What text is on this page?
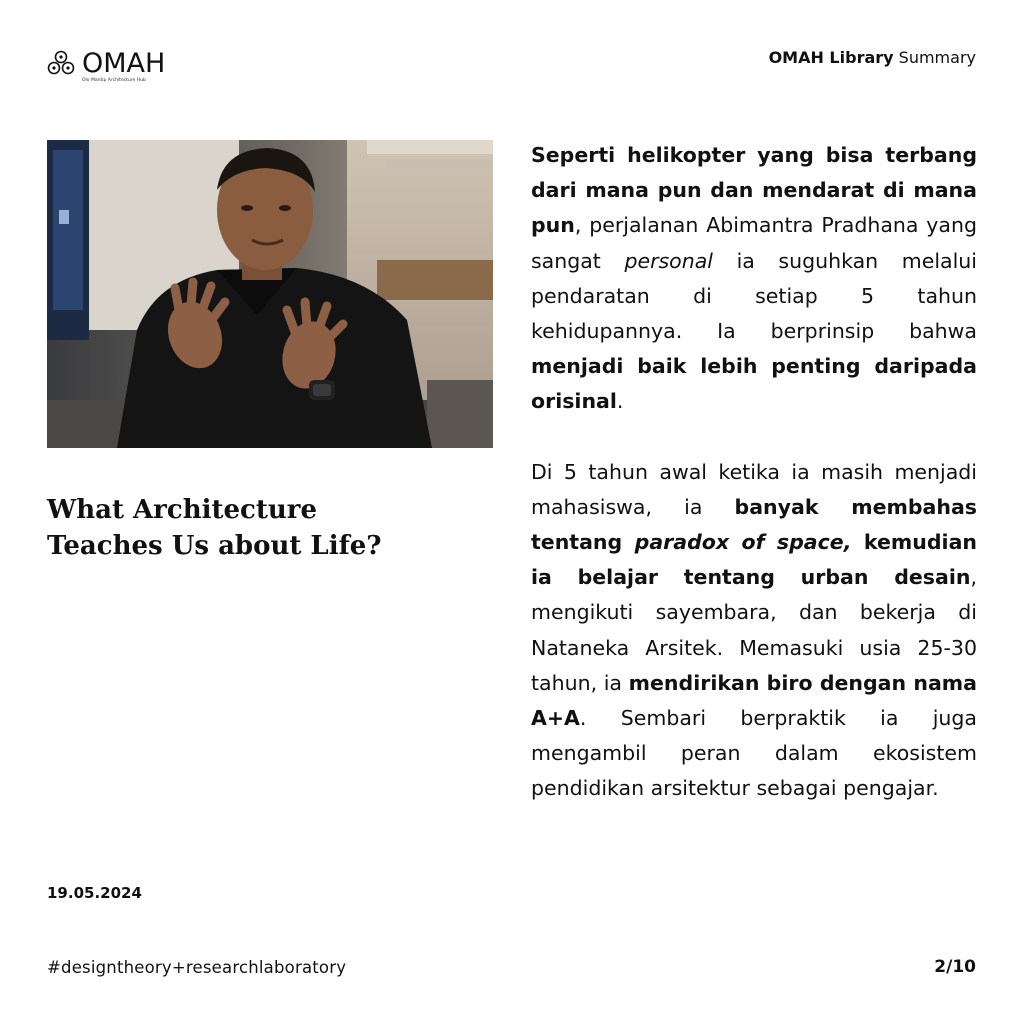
OMAH
Olo Mantip Architecture Hub
OMAH Library Summary
What Architecture
Teaches Us about Life?

Seperti helikopter yang bisa terbang dari mana pun dan mendarat di mana pun, perjalanan Abimantra Pradhana yang sangat personal ia suguhkan melalui pendaratan di setiap 5 tahun kehidupannya. Ia berprinsip bahwa menjadi baik lebih penting daripada orisinal.

Di 5 tahun awal ketika ia masih menjadi mahasiswa, ia banyak membahas tentang paradox of space, kemudian ia belajar tentang urban desain, mengikuti sayembara, dan bekerja di Nataneka Arsitek. Memasuki usia 25-30 tahun, ia mendirikan biro dengan nama A+A. Sembari berpraktik ia juga mengambil peran dalam ekosistem pendidikan arsitektur sebagai pengajar.

19.05.2024
#designtheory+researchlaboratory	2/10
